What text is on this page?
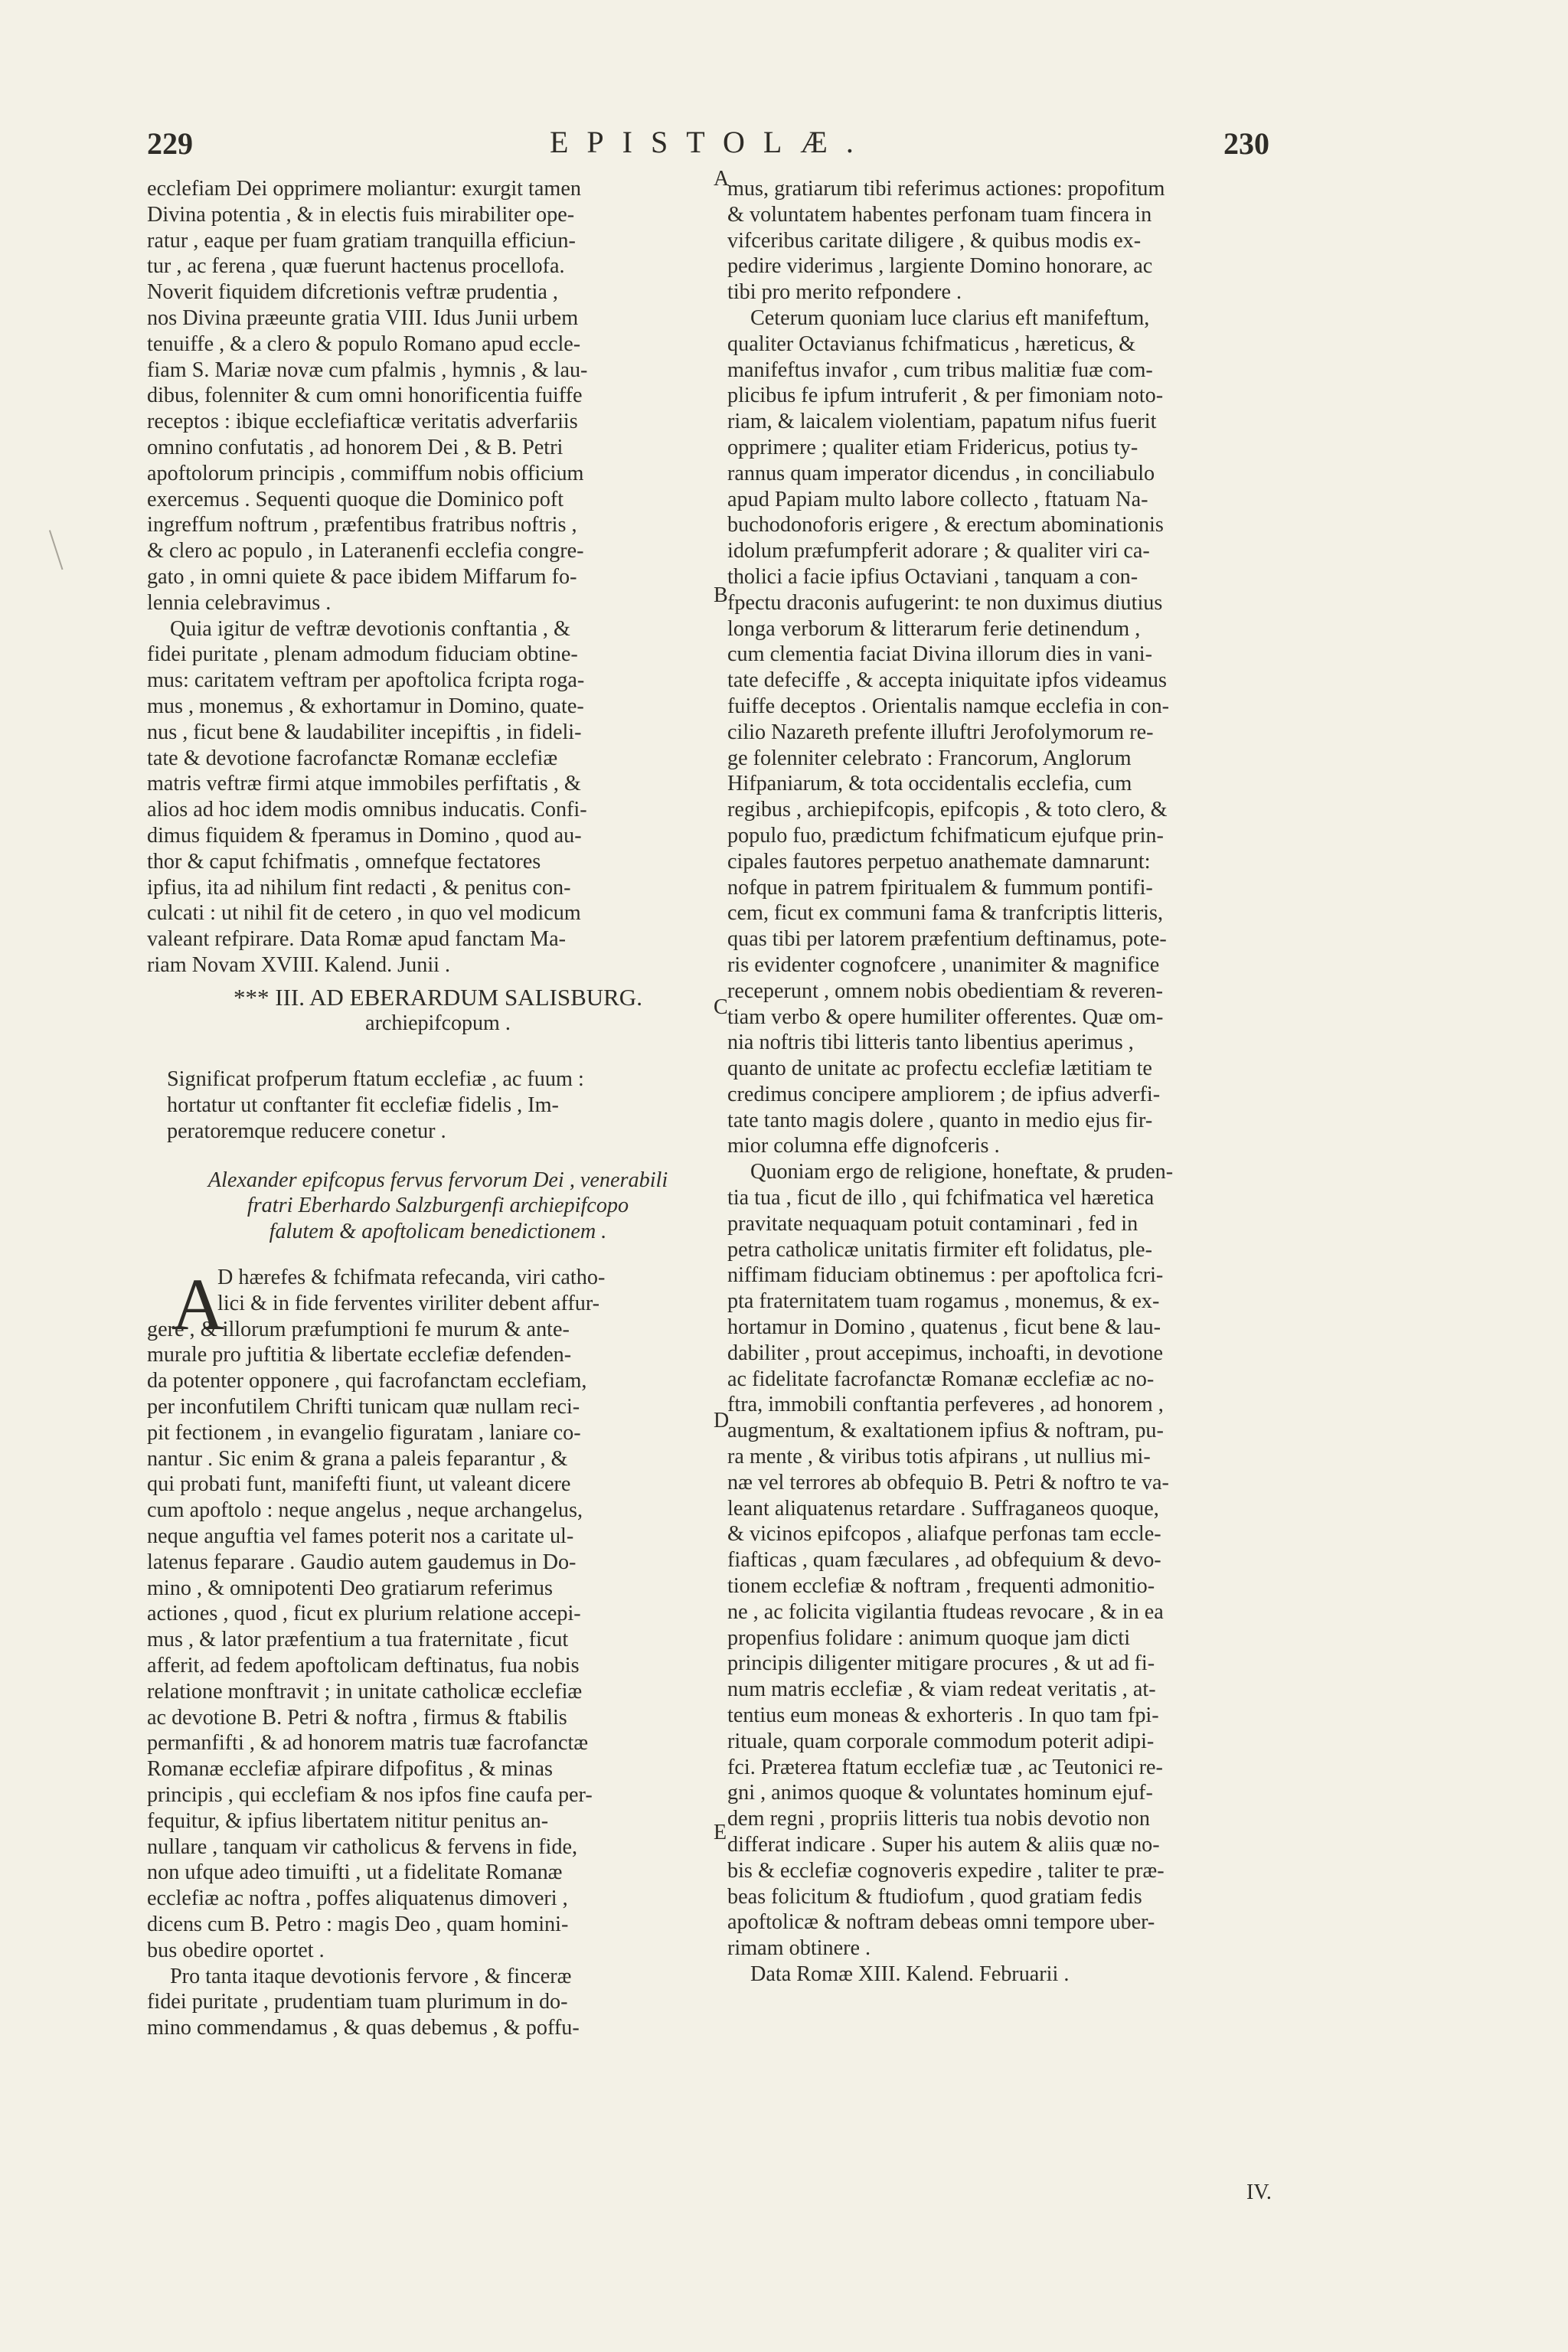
229	EPISTOLÆ.	230
ecclefiam Dei opprimere moliantur: exurgit tamen
Divina potentia , & in electis fuis mirabiliter ope-
ratur , eaque per fuam gratiam tranquilla efficiun-
tur , ac ferena , quæ fuerunt hactenus procellofa.
Noverit fiquidem difcretionis veftræ prudentia ,
nos Divina præeunte gratia VIII. Idus Junii urbem
tenuiffe , & a clero & populo Romano apud eccle-
fiam S. Mariæ novæ cum pfalmis , hymnis , & lau-
dibus, folenniter & cum omni honorificentia fuiffe
receptos : ibique ecclefiafticæ veritatis adverfariis
omnino confutatis , ad honorem Dei , & B. Petri
apoftolorum principis , commiffum nobis officium
exercemus . Sequenti quoque die Dominico poft
ingreffum noftrum , præfentibus fratribus noftris ,
& clero ac populo , in Lateranenfi ecclefia congre-
gato , in omni quiete & pace ibidem Miffarum fo-
lennia celebravimus .
Quia igitur de veftræ devotionis conftantia , &
fidei puritate , plenam admodum fiduciam obtine-
mus: caritatem veftram per apoftolica fcripta roga-
mus , monemus , & exhortamur in Domino, quate-
nus , ficut bene & laudabiliter incepiftis , in fideli-
tate & devotione facrofanctæ Romanæ ecclefiæ
matris veftræ firmi atque immobiles perfiftatis , &
alios ad hoc idem modis omnibus inducatis. Confi-
dimus fiquidem & fperamus in Domino , quod au-
thor & caput fchifmatis , omnefque fectatores
ipfius, ita ad nihilum fint redacti , & penitus con-
culcati : ut nihil fit de cetero , in quo vel modicum
valeant refpirare. Data Romæ apud fanctam Ma-
riam Novam XVIII. Kalend. Junii .
*** III. AD EBERARDUM SALISBURG.
archiepifcopum .
Significat profperum ftatum ecclefiæ , ac fuum :
hortatur ut conftanter fit ecclefiæ fidelis , Im-
peratoremque reducere conetur .
Alexander epifcopus fervus fervorum Dei , venerabili
fratri Eberhardo Salzburgenfi archiepifcopo
falutem & apoftolicam benedictionem .
A
D hærefes & fchifmata refecanda, viri catho-
lici & in fide ferventes viriliter debent affur-
gere , & illorum præfumptioni fe murum & ante-
murale pro juftitia & libertate ecclefiæ defenden-
da potenter opponere , qui facrofanctam ecclefiam,
per inconfutilem Chrifti tunicam quæ nullam reci-
pit fectionem , in evangelio figuratam , laniare co-
nantur . Sic enim & grana a paleis feparantur , &
qui probati funt, manifefti fiunt, ut valeant dicere
cum apoftolo : neque angelus , neque archangelus,
neque anguftia vel fames poterit nos a caritate ul-
latenus feparare . Gaudio autem gaudemus in Do-
mino , & omnipotenti Deo gratiarum referimus
actiones , quod , ficut ex plurium relatione accepi-
mus , & lator præfentium a tua fraternitate , ficut
afferit, ad fedem apoftolicam deftinatus, fua nobis
relatione monftravit ; in unitate catholicæ ecclefiæ
ac devotione B. Petri & noftra , firmus & ftabilis
permanfifti , & ad honorem matris tuæ facrofanctæ
Romanæ ecclefiæ afpirare difpofitus , & minas
principis , qui ecclefiam & nos ipfos fine caufa per-
fequitur, & ipfius libertatem nititur penitus an-
nullare , tanquam vir catholicus & fervens in fide,
non ufque adeo timuifti , ut a fidelitate Romanæ
ecclefiæ ac noftra , poffes aliquatenus dimoveri ,
dicens cum B. Petro : magis Deo , quam homini-
bus obedire oportet .
Pro tanta itaque devotionis fervore , & finceræ
fidei puritate , prudentiam tuam plurimum in do-
mino commendamus , & quas debemus , & poffu-
mus, gratiarum tibi referimus actiones: propofitum
& voluntatem habentes perfonam tuam fincera in
vifceribus caritate diligere , & quibus modis ex-
pedire viderimus , largiente Domino honorare, ac
tibi pro merito refpondere .
Ceterum quoniam luce clarius eft manifeftum,
qualiter Octavianus fchifmaticus , hæreticus, &
manifeftus invafor , cum tribus malitiæ fuæ com-
plicibus fe ipfum intruferit , & per fimoniam noto-
riam, & laicalem violentiam, papatum nifus fuerit
opprimere ; qualiter etiam Fridericus, potius ty-
rannus quam imperator dicendus , in conciliabulo
apud Papiam multo labore collecto , ftatuam Na-
buchodonoforis erigere , & erectum abominationis
idolum præfumpferit adorare ; & qualiter viri ca-
tholici a facie ipfius Octaviani , tanquam a con-
fpectu draconis aufugerint: te non duximus diutius
longa verborum & litterarum ferie detinendum ,
cum clementia faciat Divina illorum dies in vani-
tate defeciffe , & accepta iniquitate ipfos videamus
fuiffe deceptos . Orientalis namque ecclefia in con-
cilio Nazareth prefente illuftri Jerofolymorum re-
ge folenniter celebrato : Francorum, Anglorum
Hifpaniarum, & tota occidentalis ecclefia, cum
regibus , archiepifcopis, epifcopis , & toto clero, &
populo fuo, prædictum fchifmaticum ejufque prin-
cipales fautores perpetuo anathemate damnarunt:
nofque in patrem fpiritualem & fummum pontifi-
cem, ficut ex communi fama & tranfcriptis litteris,
quas tibi per latorem præfentium deftinamus, pote-
ris evidenter cognofcere , unanimiter & magnifice
receperunt , omnem nobis obedientiam & reveren-
tiam verbo & opere humiliter offerentes. Quæ om-
nia noftris tibi litteris tanto libentius aperimus ,
quanto de unitate ac profectu ecclefiæ lætitiam te
credimus concipere ampliorem ; de ipfius adverfi-
tate tanto magis dolere , quanto in medio ejus fir-
mior columna effe dignofceris .
Quoniam ergo de religione, honeftate, & pruden-
tia tua , ficut de illo , qui fchifmatica vel hæretica
pravitate nequaquam potuit contaminari , fed in
petra catholicæ unitatis firmiter eft folidatus, ple-
niffimam fiduciam obtinemus : per apoftolica fcri-
pta fraternitatem tuam rogamus , monemus, & ex-
hortamur in Domino , quatenus , ficut bene & lau-
dabiliter , prout accepimus, inchoafti, in devotione
ac fidelitate facrofanctæ Romanæ ecclefiæ ac no-
ftra, immobili conftantia perfeveres , ad honorem ,
augmentum, & exaltationem ipfius & noftram, pu-
ra mente , & viribus totis afpirans , ut nullius mi-
næ vel terrores ab obfequio B. Petri & noftro te va-
leant aliquatenus retardare . Suffraganeos quoque,
& vicinos epifcopos , aliafque perfonas tam eccle-
fiafticas , quam fæculares , ad obfequium & devo-
tionem ecclefiæ & noftram , frequenti admonitio-
ne , ac folicita vigilantia ftudeas revocare , & in ea
propenfius folidare : animum quoque jam dicti
principis diligenter mitigare procures , & ut ad fi-
num matris ecclefiæ , & viam redeat veritatis , at-
tentius eum moneas & exhorteris . In quo tam fpi-
rituale, quam corporale commodum poterit adipi-
fci. Præterea ftatum ecclefiæ tuæ , ac Teutonici re-
gni , animos quoque & voluntates hominum ejuf-
dem regni , propriis litteris tua nobis devotio non
differat indicare . Super his autem & aliis quæ no-
bis & ecclefiæ cognoveris expedire , taliter te præ-
beas folicitum & ftudiofum , quod gratiam fedis
apoftolicæ & noftram debeas omni tempore uber-
rimam obtinere .
Data Romæ XIII. Kalend. Februarii .
A
B
C
D
E
IV.
